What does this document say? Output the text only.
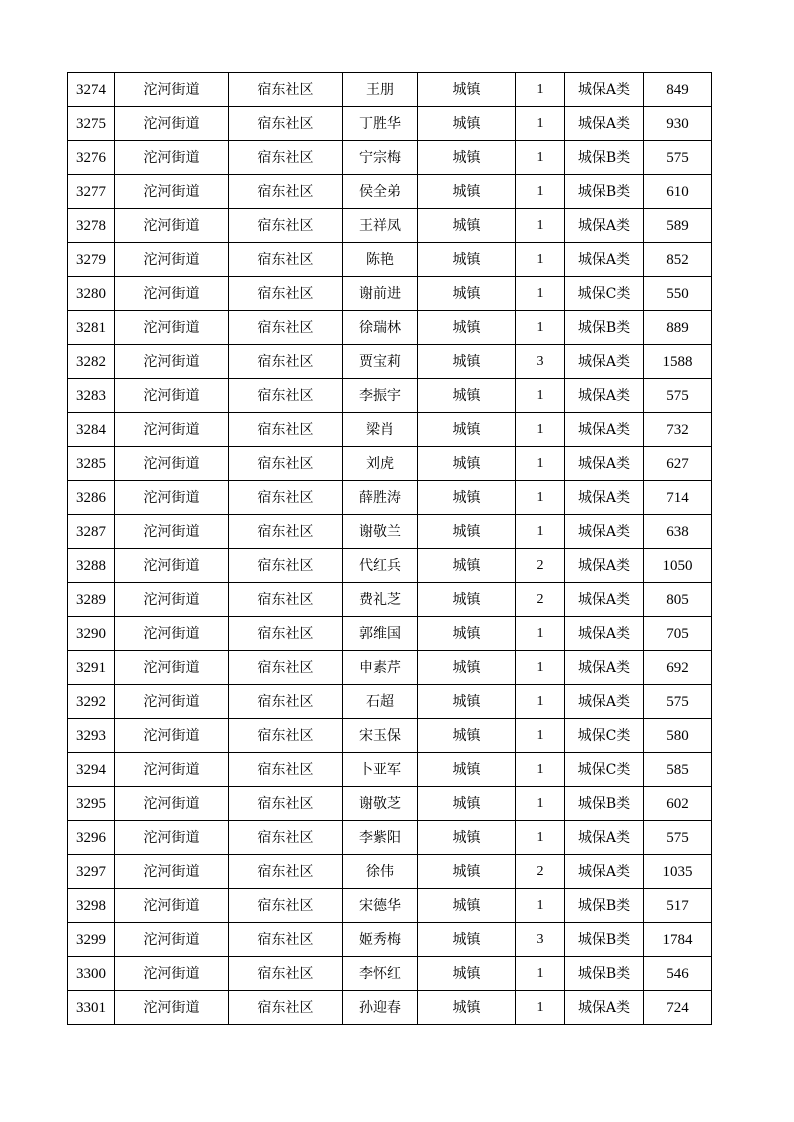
3274	沱河街道	宿东社区	王朋	城镇	1	城保A类	849
3275	沱河街道	宿东社区	丁胜华	城镇	1	城保A类	930
3276	沱河街道	宿东社区	宁宗梅	城镇	1	城保B类	575
3277	沱河街道	宿东社区	侯全弟	城镇	1	城保B类	610
3278	沱河街道	宿东社区	王祥凤	城镇	1	城保A类	589
3279	沱河街道	宿东社区	陈艳	城镇	1	城保A类	852
3280	沱河街道	宿东社区	谢前进	城镇	1	城保C类	550
3281	沱河街道	宿东社区	徐瑞林	城镇	1	城保B类	889
3282	沱河街道	宿东社区	贾宝莉	城镇	3	城保A类	1588
3283	沱河街道	宿东社区	李振宇	城镇	1	城保A类	575
3284	沱河街道	宿东社区	梁肖	城镇	1	城保A类	732
3285	沱河街道	宿东社区	刘虎	城镇	1	城保A类	627
3286	沱河街道	宿东社区	薛胜涛	城镇	1	城保A类	714
3287	沱河街道	宿东社区	谢敬兰	城镇	1	城保A类	638
3288	沱河街道	宿东社区	代红兵	城镇	2	城保A类	1050
3289	沱河街道	宿东社区	费礼芝	城镇	2	城保A类	805
3290	沱河街道	宿东社区	郭维国	城镇	1	城保A类	705
3291	沱河街道	宿东社区	申素芹	城镇	1	城保A类	692
3292	沱河街道	宿东社区	石超	城镇	1	城保A类	575
3293	沱河街道	宿东社区	宋玉保	城镇	1	城保C类	580
3294	沱河街道	宿东社区	卜亚军	城镇	1	城保C类	585
3295	沱河街道	宿东社区	谢敬芝	城镇	1	城保B类	602
3296	沱河街道	宿东社区	李紫阳	城镇	1	城保A类	575
3297	沱河街道	宿东社区	徐伟	城镇	2	城保A类	1035
3298	沱河街道	宿东社区	宋德华	城镇	1	城保B类	517
3299	沱河街道	宿东社区	姬秀梅	城镇	3	城保B类	1784
3300	沱河街道	宿东社区	李怀红	城镇	1	城保B类	546
3301	沱河街道	宿东社区	孙迎春	城镇	1	城保A类	724
